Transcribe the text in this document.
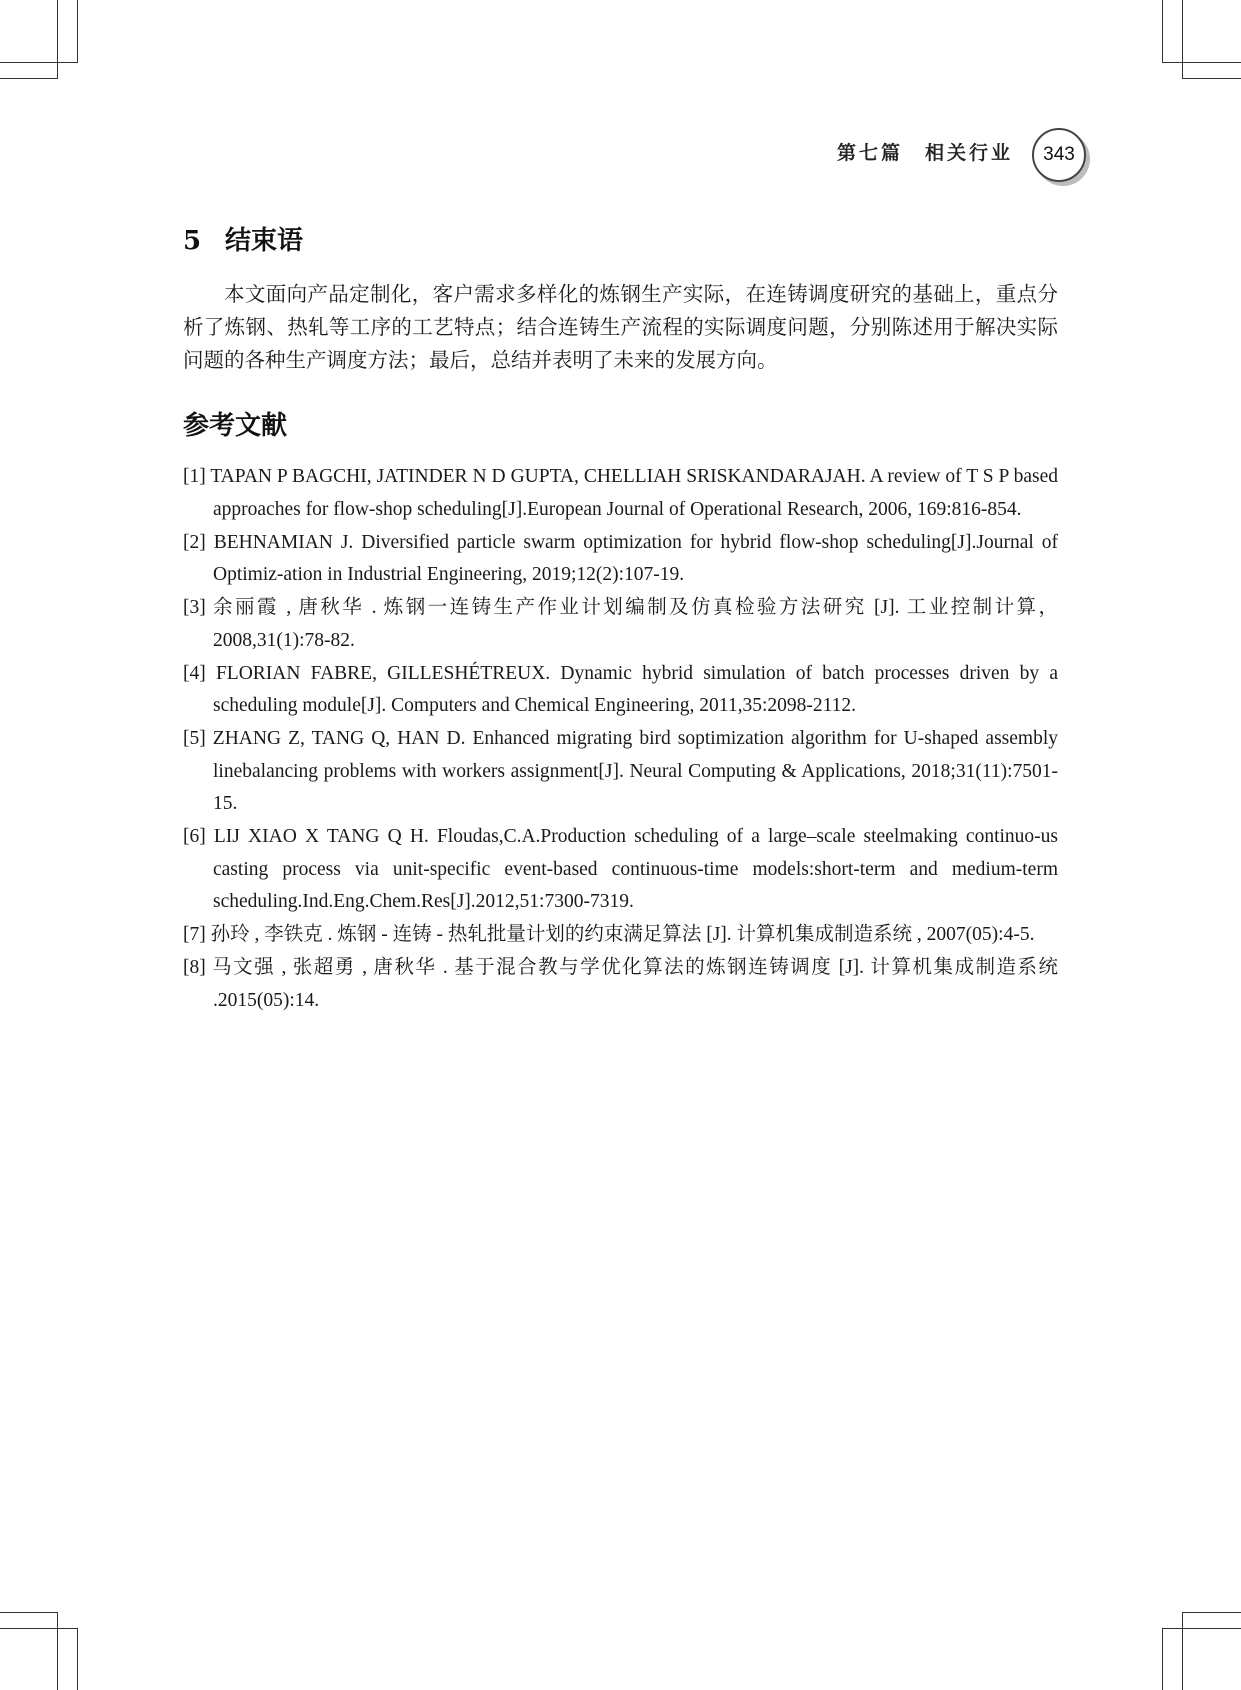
第七篇 相关行业 343
5 结束语

本文面向产品定制化，客户需求多样化的炼钢生产实际，在连铸调度研究的基础上，重点分析了炼钢、热轧等工序的工艺特点；结合连铸生产流程的实际调度问题，分别陈述用于解决实际问题的各种生产调度方法；最后，总结并表明了未来的发展方向。

参考文献
[1] TAPAN P BAGCHI, JATINDER N D GUPTA, CHELLIAH SRISKANDARAJAH. A review of T S P based approaches for flow-shop scheduling[J].European Journal of Operational Research, 2006, 169:816-854.
[2] BEHNAMIAN J. Diversified particle swarm optimization for hybrid flow-shop scheduling[J].Journal of Optimiz-ation in Industrial Engineering, 2019;12(2):107-19.
[3] 余丽霞 , 唐秋华 . 炼钢一连铸生产作业计划编制及仿真检验方法研究 [J]. 工业控制计算， 2008,31(1):78-82.
[4] FLORIAN FABRE, GILLESHÉTREUX. Dynamic hybrid simulation of batch processes driven by a scheduling module[J]. Computers and Chemical Engineering, 2011,35:2098-2112.
[5] ZHANG Z, TANG Q, HAN D. Enhanced migrating bird soptimization algorithm for U-shaped assembly linebalancing problems with workers assignment[J]. Neural Computing & Applications, 2018;31(11):7501-15.
[6] LIJ XIAO X TANG Q H. Floudas,C.A.Production scheduling of a large–scale steelmaking continuo-us casting process via unit-specific event-based continuous-time models:short-term and medium-term scheduling.Ind.Eng.Chem.Res[J].2012,51:7300-7319.
[7] 孙玲 , 李铁克 . 炼钢 - 连铸 - 热轧批量计划的约束满足算法 [J]. 计算机集成制造系统 , 2007(05):4-5.
[8] 马文强 , 张超勇 , 唐秋华 . 基于混合教与学优化算法的炼钢连铸调度 [J]. 计算机集成制造系统 .2015(05):14.
